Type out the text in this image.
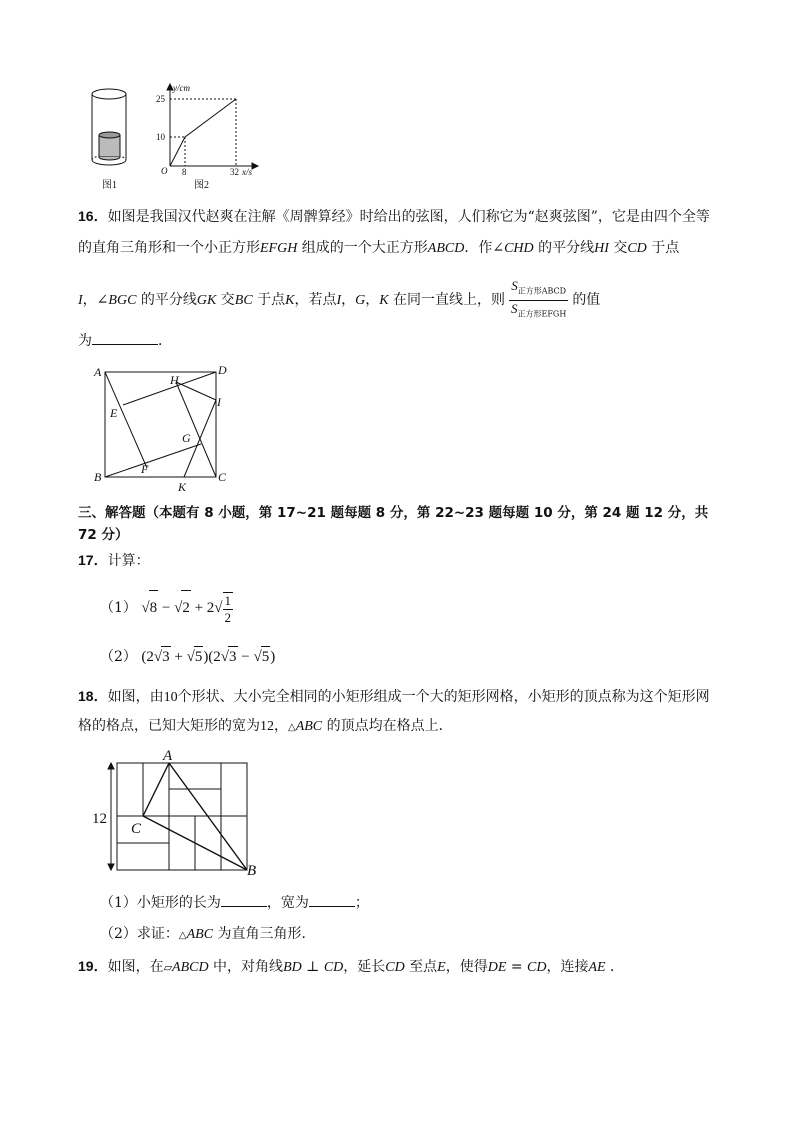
图1
y/cm
10
25
O 8	32 x/s
图2
16．如图是我国汉代赵爽在注解《周髀算经》时给出的弦图，人们称它为“赵爽弦图”，它是由四个全等
的直角三角形和一个小正方形EFGH 组成的一个大正方形ABCD．作∠CHD 的平分线HI 交CD 于点
I，∠BGC 的平分线GK 交BC 于点K，若点I，G，K 在同一直线上，则 $\frac{S_{正方形ABCD}}{S_{正方形EFGH}}$ 的值
为	．
A	D
H
I
E
G
B
F
C
K
三、解答题（本题有 8 小题，第 17~21 题每题 8 分，第 22~23 题每题 10 分，第 24 题 12 分，共
72 分）
17．计算：
（1） $√8 - √2 + 2√ \frac{1}{2}$
（2） (2√3 + √5)(2√3 − √5)
18．如图，由10个形状、大小完全相同的小矩形组成一个大的矩形网格，小矩形的顶点称为这个矩形网
格的格点，已知大矩形的宽为12，△ABC 的顶点均在格点上．
12
A
C
B
（1）小矩形的长为	，宽为	；
（2）求证：△ABC 为直角三角形．
19．如图，在▱ABCD 中，对角线BD ⊥ CD，延长CD 至点E，使得DE = CD，连接AE ．
